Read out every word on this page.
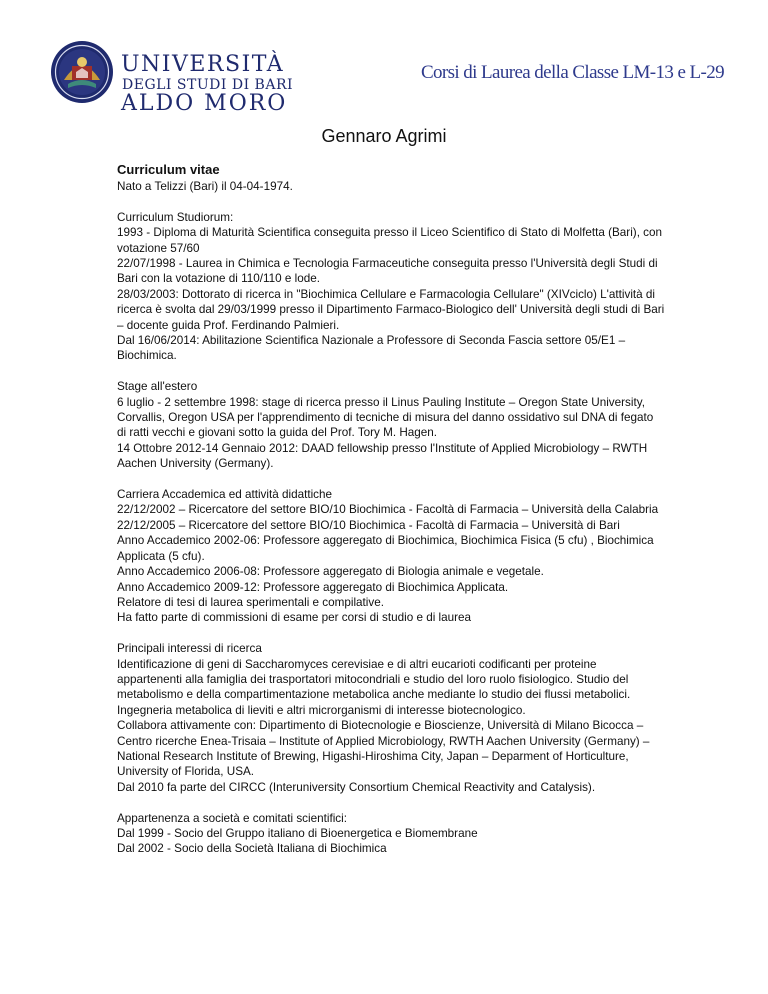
UNIVERSITÀ
DEGLI STUDI DI BARI
ALDO MORO
Corsi di Laurea della Classe LM-13 e L-29
Gennaro Agrimi
Curriculum vitae

Nato a Telizzi (Bari) il 04-04-1974.

Curriculum Studiorum:

1993 - Diploma di Maturità Scientifica conseguita presso il Liceo Scientifico di Stato di Molfetta (Bari), con

votazione 57/60

22/07/1998 - Laurea in Chimica e Tecnologia Farmaceutiche conseguita presso l'Università degli Studi di

Bari con la votazione di 110/110 e lode.

28/03/2003: Dottorato di ricerca in "Biochimica Cellulare e Farmacologia Cellulare" (XIVciclo) L'attività di

ricerca è svolta dal 29/03/1999 presso il Dipartimento Farmaco-Biologico dell' Università degli studi di Bari

– docente guida Prof. Ferdinando Palmieri.

Dal 16/06/2014: Abilitazione Scientifica Nazionale a Professore di Seconda Fascia settore 05/E1 –

Biochimica.

Stage all'estero

6 luglio - 2 settembre 1998: stage di ricerca presso il Linus Pauling Institute – Oregon State University,

Corvallis, Oregon USA per l'apprendimento di tecniche di misura del danno ossidativo sul DNA di fegato

di ratti vecchi e giovani sotto la guida del Prof. Tory M. Hagen.

14 Ottobre 2012-14 Gennaio 2012: DAAD fellowship presso l'Institute of Applied Microbiology – RWTH

Aachen University (Germany).

Carriera Accademica ed attività didattiche

22/12/2002 – Ricercatore del settore BIO/10 Biochimica - Facoltà di Farmacia – Università della Calabria

22/12/2005 – Ricercatore del settore BIO/10 Biochimica - Facoltà di Farmacia – Università di Bari

Anno Accademico 2002-06: Professore aggeregato di Biochimica, Biochimica Fisica (5 cfu) , Biochimica

Applicata (5 cfu).

Anno Accademico 2006-08: Professore aggeregato di Biologia animale e vegetale.

Anno Accademico 2009-12: Professore aggeregato di Biochimica Applicata.

Relatore di tesi di laurea sperimentali e compilative.

Ha fatto parte di commissioni di esame per corsi di studio e di laurea

Principali interessi di ricerca

Identificazione di geni di Saccharomyces cerevisiae e di altri eucarioti codificanti per proteine

appartenenti alla famiglia dei trasportatori mitocondriali e studio del loro ruolo fisiologico. Studio del

metabolismo e della compartimentazione metabolica anche mediante lo studio dei flussi metabolici.

Ingegneria metabolica di lieviti e altri microrganismi di interesse biotecnologico.

Collabora attivamente con: Dipartimento di Biotecnologie e Bioscienze, Università di Milano Bicocca –

Centro ricerche Enea-Trisaia – Institute of Applied Microbiology, RWTH Aachen University (Germany) –

National Research Institute of Brewing, Higashi-Hiroshima City, Japan – Deparment of Horticulture,

University of Florida, USA.

Dal 2010 fa parte del CIRCC (Interuniversity Consortium Chemical Reactivity and Catalysis).

Appartenenza a società e comitati scientifici:

Dal 1999 - Socio del Gruppo italiano di Bioenergetica e Biomembrane

Dal 2002 - Socio della Società Italiana di Biochimica
